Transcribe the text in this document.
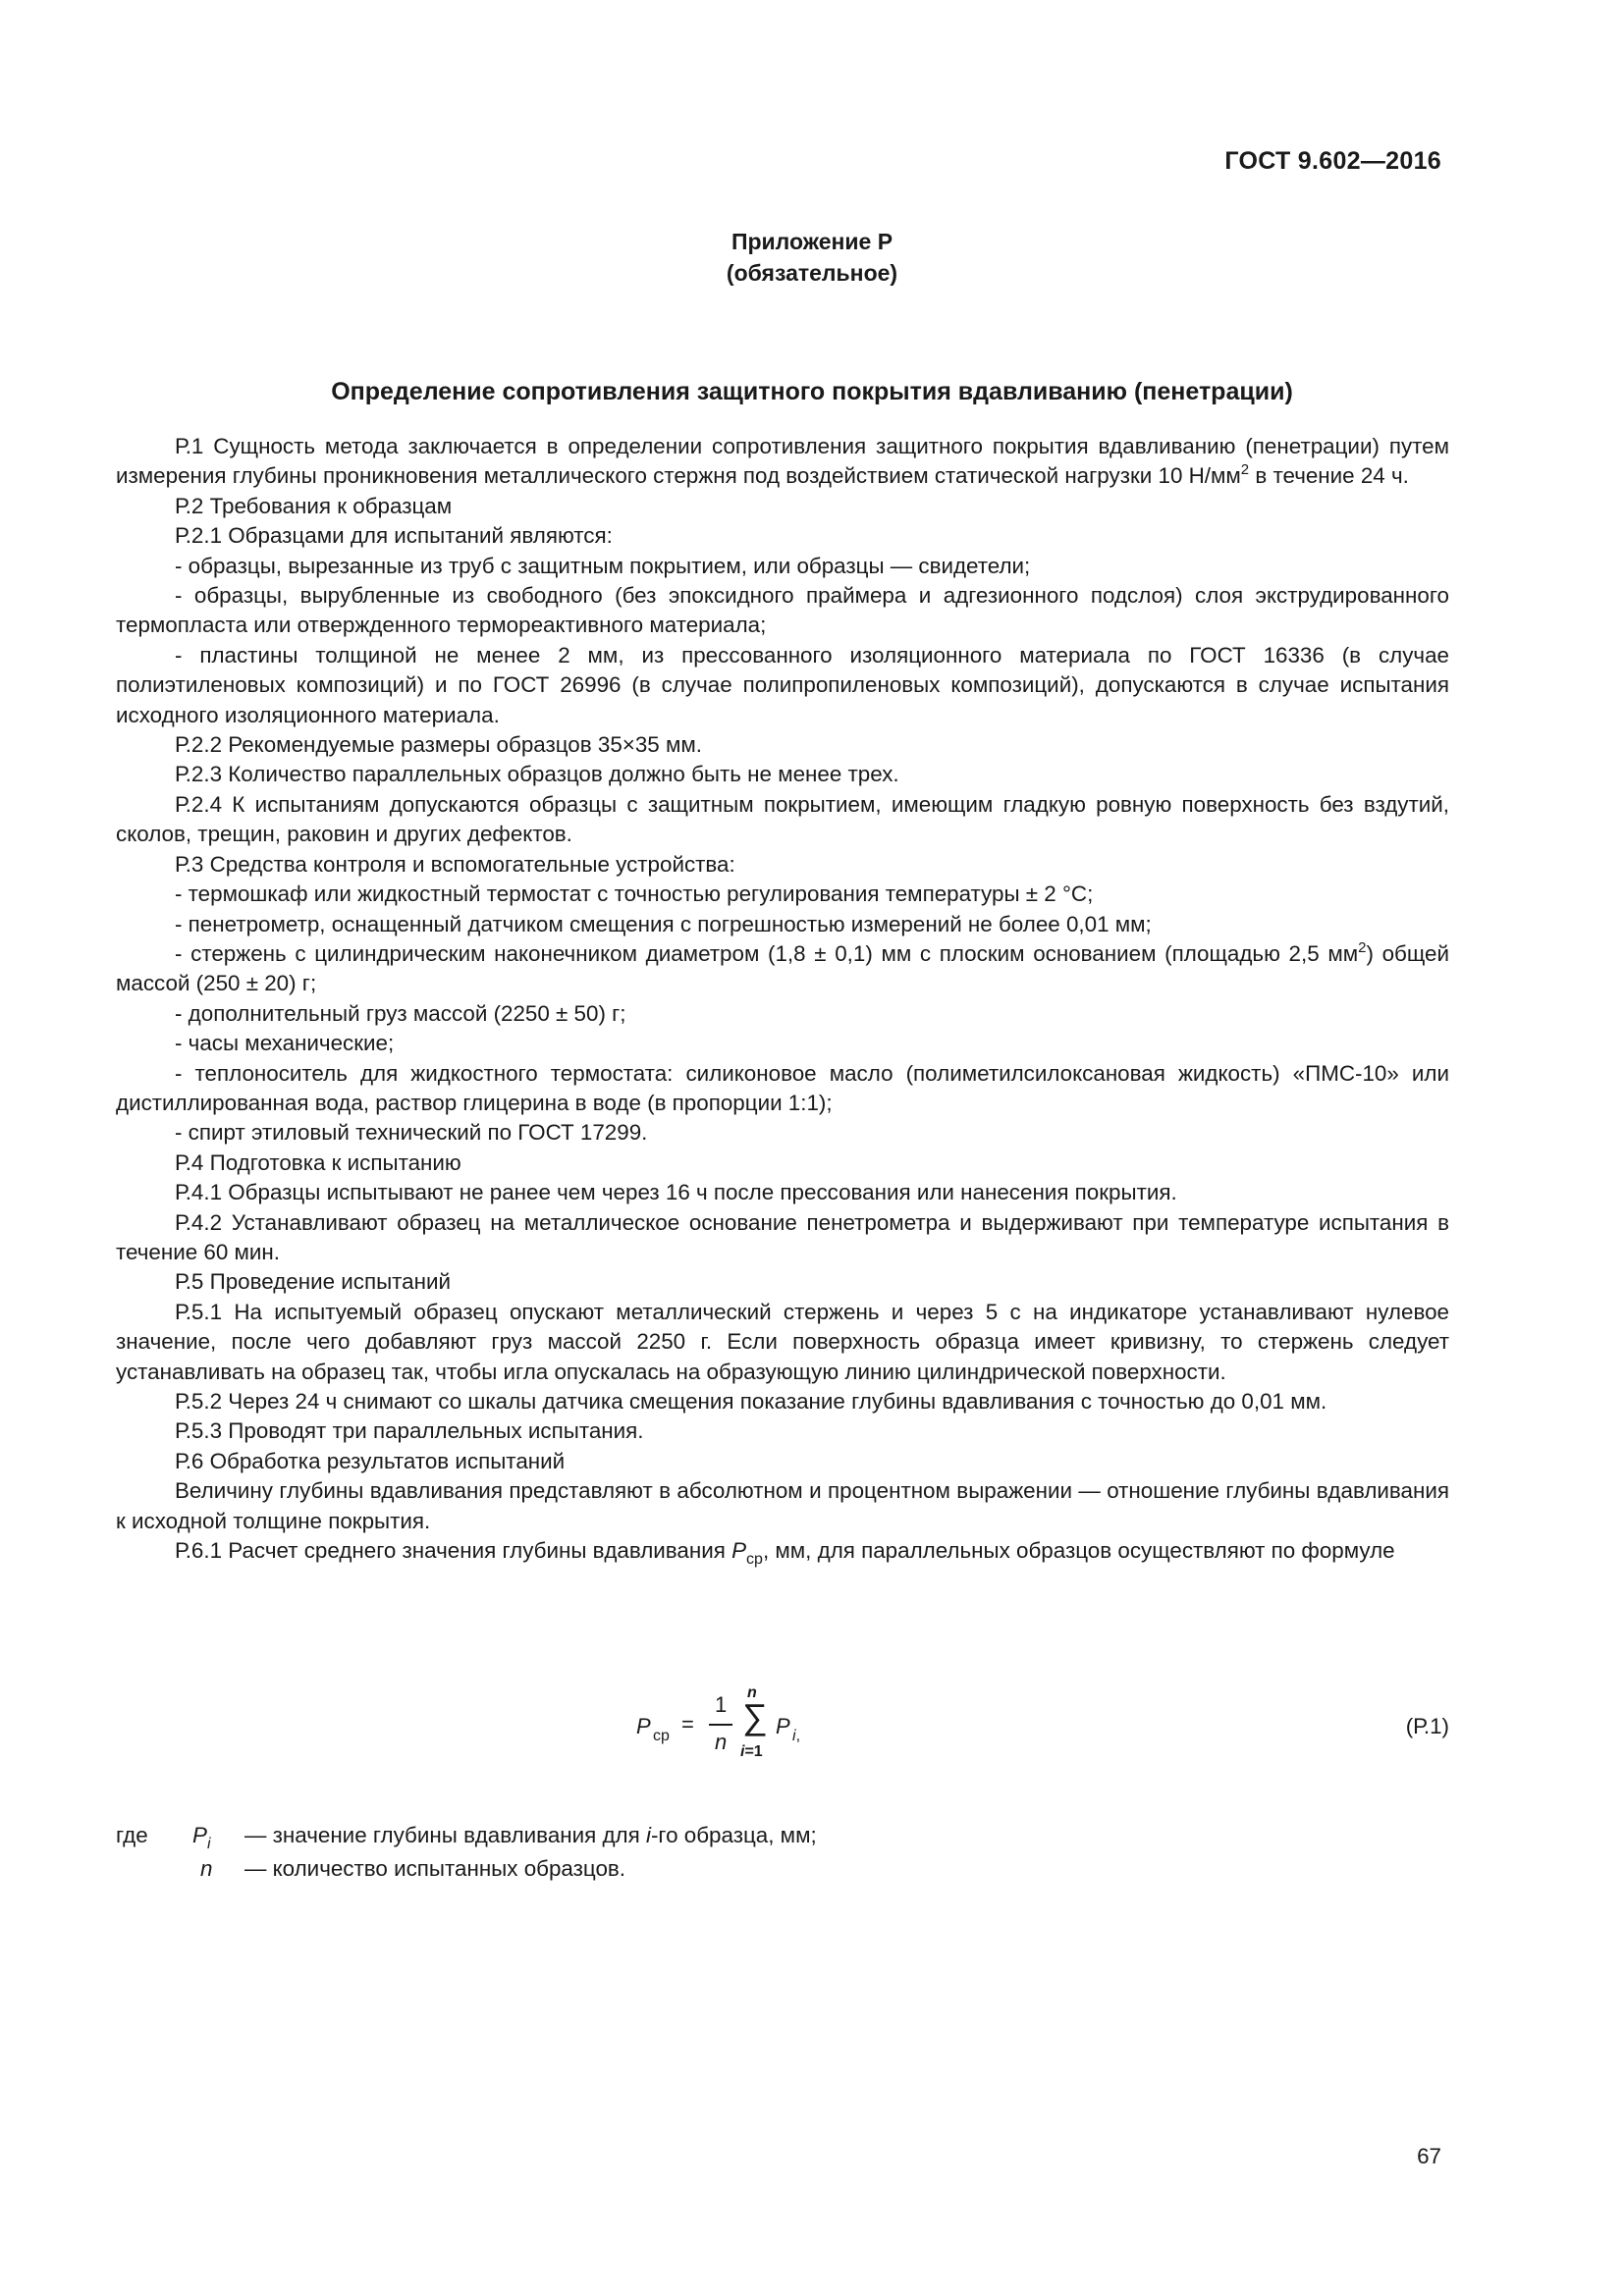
ГОСТ 9.602—2016
Приложение Р
(обязательное)
Определение сопротивления защитного покрытия вдавливанию (пенетрации)

Р.1 Сущность метода заключается в определении сопротивления защитного покрытия вдавливанию (пенетрации) путем измерения глубины проникновения металлического стержня под воздействием статической нагрузки 10 $Н/мм^2$ в течение 24 ч.

Р.2 Требования к образцам

Р.2.1 Образцами для испытаний являются:

- образцы, вырезанные из труб с защитным покрытием, или образцы — свидетели;

- образцы, вырубленные из свободного (без эпоксидного праймера и адгезионного подслоя) слоя экструдированного термопласта или отвержденного термореактивного материала;

- пластины толщиной не менее 2 мм, из прессованного изоляционного материала по ГОСТ 16336 (в случае полиэтиленовых композиций) и по ГОСТ 26996 (в случае полипропиленовых композиций), допускаются в случае испытания исходного изоляционного материала.

Р.2.2 Рекомендуемые размеры образцов 35×35 мм.

Р.2.3 Количество параллельных образцов должно быть не менее трех.

Р.2.4 К испытаниям допускаются образцы с защитным покрытием, имеющим гладкую ровную поверхность без вздутий, сколов, трещин, раковин и других дефектов.

Р.3 Средства контроля и вспомогательные устройства:

- термошкаф или жидкостный термостат с точностью регулирования температуры ± 2 °С;

- пенетрометр, оснащенный датчиком смещения с погрешностью измерений не более 0,01 мм;

- стержень с цилиндрическим наконечником диаметром (1,8 ± 0,1) мм с плоским основанием (площадью 2,5 $мм^2$) общей массой (250 ± 20) г;

- дополнительный груз массой (2250 ± 50) г;

- часы механические;

- теплоноситель для жидкостного термостата: силиконовое масло (полиметилсилоксановая жидкость) «ПМС-10» или дистиллированная вода, раствор глицерина в воде (в пропорции 1:1);

- спирт этиловый технический по ГОСТ 17299.

Р.4 Подготовка к испытанию

Р.4.1 Образцы испытывают не ранее чем через 16 ч после прессования или нанесения покрытия.

Р.4.2 Устанавливают образец на металлическое основание пенетрометра и выдерживают при температуре испытания в течение 60 мин.

Р.5 Проведение испытаний

Р.5.1 На испытуемый образец опускают металлический стержень и через 5 с на индикаторе устанавливают нулевое значение, после чего добавляют груз массой 2250 г. Если поверхность образца имеет кривизну, то стержень следует устанавливать на образец так, чтобы игла опускалась на образующую линию цилиндрической поверхности.

Р.5.2 Через 24 ч снимают со шкалы датчика смещения показание глубины вдавливания с точностью до 0,01 мм.

Р.5.3 Проводят три параллельных испытания.

Р.6 Обработка результатов испытаний

Величину глубины вдавливания представляют в абсолютном и процентном выражении — отношение глубины вдавливания к исходной толщине покрытия.

Р.6.1 Расчет среднего значения глубины вдавливания $P_{ср}$, мм, для параллельных образцов осуществляют по формуле

P ср =
1
n
n
∑
i=1
P i,	(Р.1)
где $P_i$ — значение глубины вдавливания для i-го образца, мм;
n — количество испытанных образцов.
67
